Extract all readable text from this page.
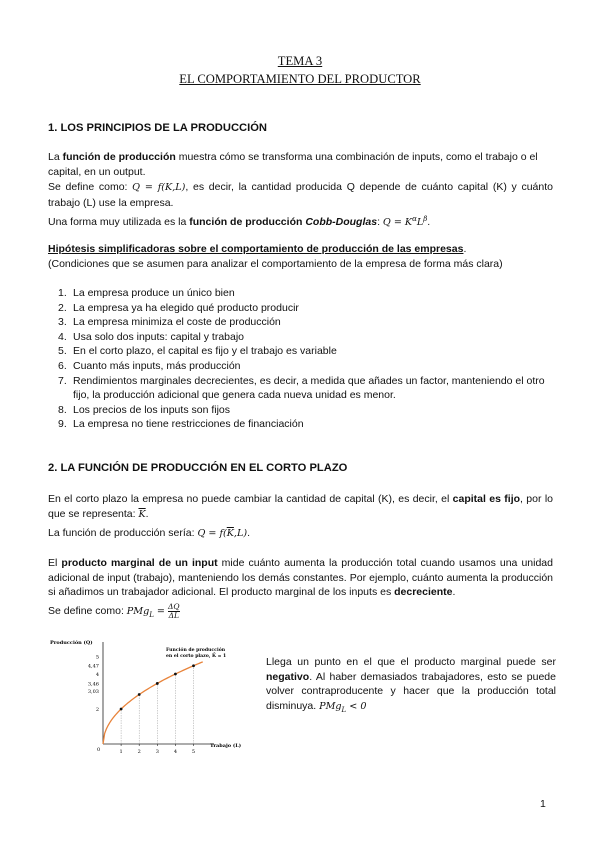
TEMA 3
EL COMPORTAMIENTO DEL PRODUCTOR
1. LOS PRINCIPIOS DE LA PRODUCCIÓN
La función de producción muestra cómo se transforma una combinación de inputs, como el trabajo o el capital, en un output.
Se define como: Q = f(K,L), es decir, la cantidad producida Q depende de cuánto capital (K) y cuánto trabajo (L) use la empresa.
Una forma muy utilizada es la función de producción Cobb-Douglas: $Q = K^\alpha L^\beta$.
Hipótesis simplificadoras sobre el comportamiento de producción de las empresas.
(Condiciones que se asumen para analizar el comportamiento de la empresa de forma más clara)
1. La empresa produce un único bien
2. La empresa ya ha elegido qué producto producir
3. La empresa minimiza el coste de producción
4. Usa solo dos inputs: capital y trabajo
5. En el corto plazo, el capital es fijo y el trabajo es variable
6. Cuanto más inputs, más producción
7. Rendimientos marginales decrecientes, es decir, a medida que añades un factor, manteniendo el otro fijo, la producción adicional que genera cada nueva unidad es menor.
8. Los precios de los inputs son fijos
9. La empresa no tiene restricciones de financiación
2. LA FUNCIÓN DE PRODUCCIÓN EN EL CORTO PLAZO
En el corto plazo la empresa no puede cambiar la cantidad de capital (K), es decir, el capital es fijo, por lo que se representa: $\overline{K}$.
La función de producción sería: $Q = f(\overline{K},L)$.
El producto marginal de un input mide cuánto aumenta la producción total cuando usamos una unidad adicional de input (trabajo), manteniendo los demás constantes. Por ejemplo, cuánto aumenta la producción si añadimos un trabajador adicional. El producto marginal de los inputs es decreciente.
Se define como: $PMg_L = \frac{\Delta Q}{\Delta L}$
Producción (Q)
Trabajo (L)
0	1	2	3	4	5
2
3,03
3,46
4
4,47
5
Función de producción
en el corto plazo, K̄ = 1	Llega un punto en el que el producto marginal puede ser negativo. Al haber demasiados trabajadores, esto se puede volver contraproducente y hacer que la producción total disminuya. PMg$_L$ < 0
1
